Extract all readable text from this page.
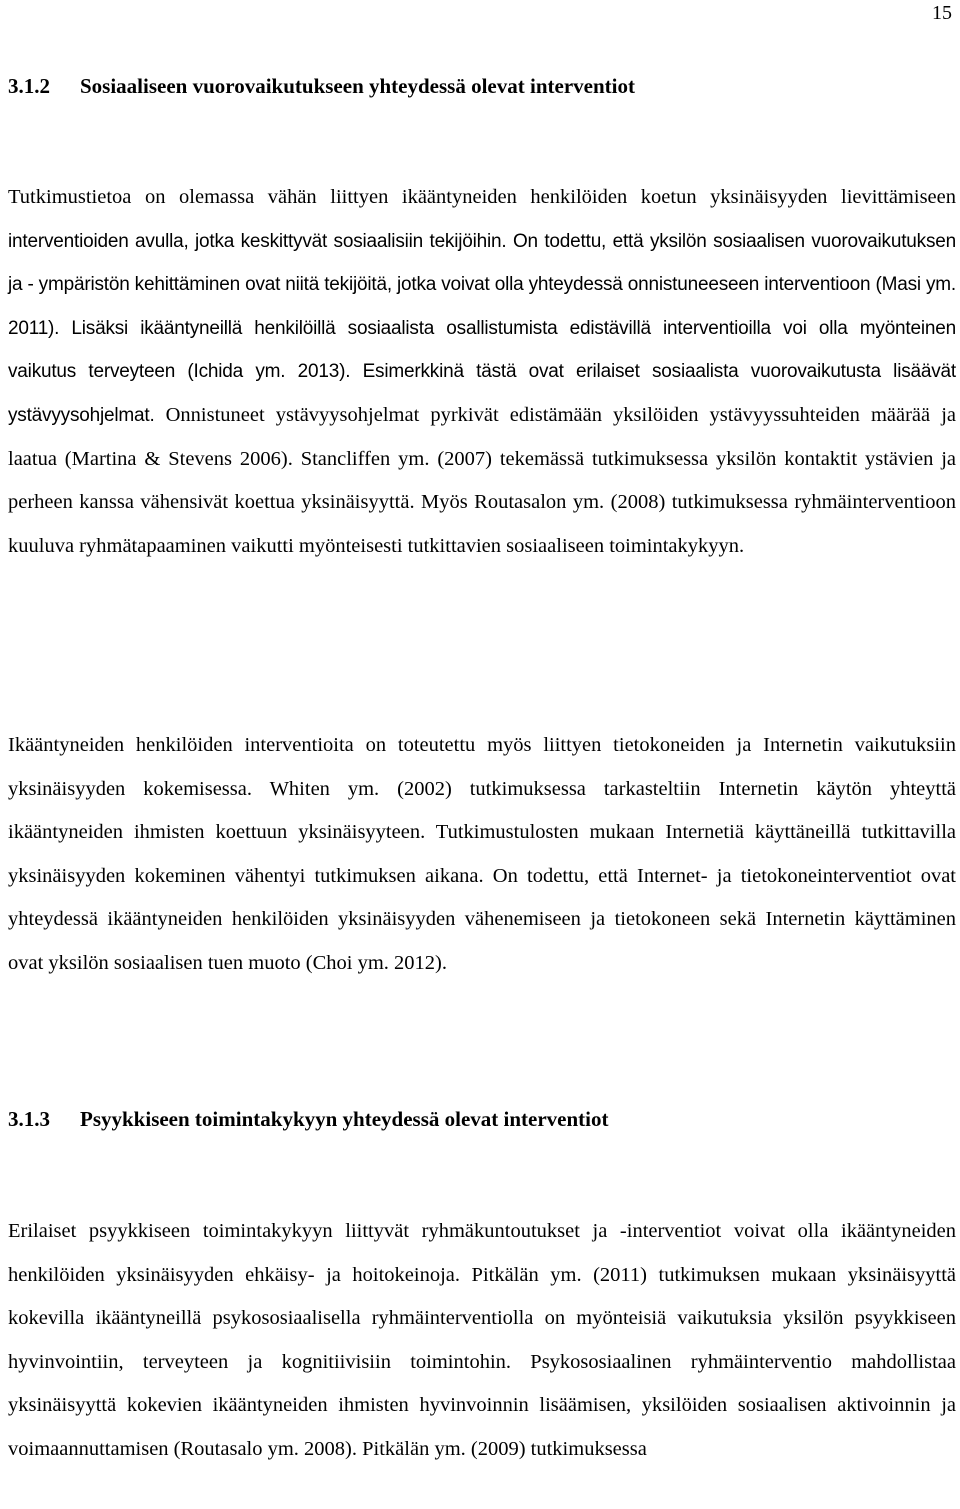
15
3.1.2 Sosiaaliseen vuorovaikutukseen yhteydessä olevat interventiot

Tutkimustietoa on olemassa vähän liittyen ikääntyneiden henkilöiden koetun yksinäisyyden lievittämiseen interventioiden avulla, jotka keskittyvät sosiaalisiin tekijöihin. On todettu, että yksilön sosiaalisen vuorovaikutuksen ja - ympäristön kehittäminen ovat niitä tekijöitä, jotka voivat olla yhteydessä onnistuneeseen interventioon (Masi ym. 2011). Lisäksi ikääntyneillä henkilöillä sosiaalista osallistumista edistävillä interventioilla voi olla myönteinen vaikutus terveyteen (Ichida ym. 2013). Esimerkkinä tästä ovat erilaiset sosiaalista vuorovaikutusta lisäävät ystävyysohjelmat. Onnistuneet ystävyysohjelmat pyrkivät edistämään yksilöiden ystävyyssuhteiden määrää ja laatua (Martina & Stevens 2006). Stancliffen ym. (2007) tekemässä tutkimuksessa yksilön kontaktit ystävien ja perheen kanssa vähensivät koettua yksinäisyyttä. Myös Routasalon ym. (2008) tutkimuksessa ryhmäinterventioon kuuluva ryhmätapaaminen vaikutti myönteisesti tutkittavien sosiaaliseen toimintakykyyn.

Ikääntyneiden henkilöiden interventioita on toteutettu myös liittyen tietokoneiden ja Internetin vaikutuksiin yksinäisyyden kokemisessa. Whiten ym. (2002) tutkimuksessa tarkasteltiin Internetin käytön yhteyttä ikääntyneiden ihmisten koettuun yksinäisyyteen. Tutkimustulosten mukaan Internetiä käyttäneillä tutkittavilla yksinäisyyden kokeminen vähentyi tutkimuksen aikana. On todettu, että Internet- ja tietokoneinterventiot ovat yhteydessä ikääntyneiden henkilöiden yksinäisyyden vähenemiseen ja tietokoneen sekä Internetin käyttäminen ovat yksilön sosiaalisen tuen muoto (Choi ym. 2012).

3.1.3 Psyykkiseen toimintakykyyn yhteydessä olevat interventiot

Erilaiset psyykkiseen toimintakykyyn liittyvät ryhmäkuntoutukset ja -interventiot voivat olla ikääntyneiden henkilöiden yksinäisyyden ehkäisy- ja hoitokeinoja. Pitkälän ym. (2011) tutkimuksen mukaan yksinäisyyttä kokevilla ikääntyneillä psykososiaalisella ryhmäinterventiolla on myönteisiä vaikutuksia yksilön psyykkiseen hyvinvointiin, terveyteen ja kognitiivisiin toimintohin. Psykososiaalinen ryhmäinterventio mahdollistaa yksinäisyyttä kokevien ikääntyneiden ihmisten hyvinvoinnin lisäämisen, yksilöiden sosiaalisen aktivoinnin ja voimaannuttamisen (Routasalo ym. 2008). Pitkälän ym. (2009) tutkimuksessa
